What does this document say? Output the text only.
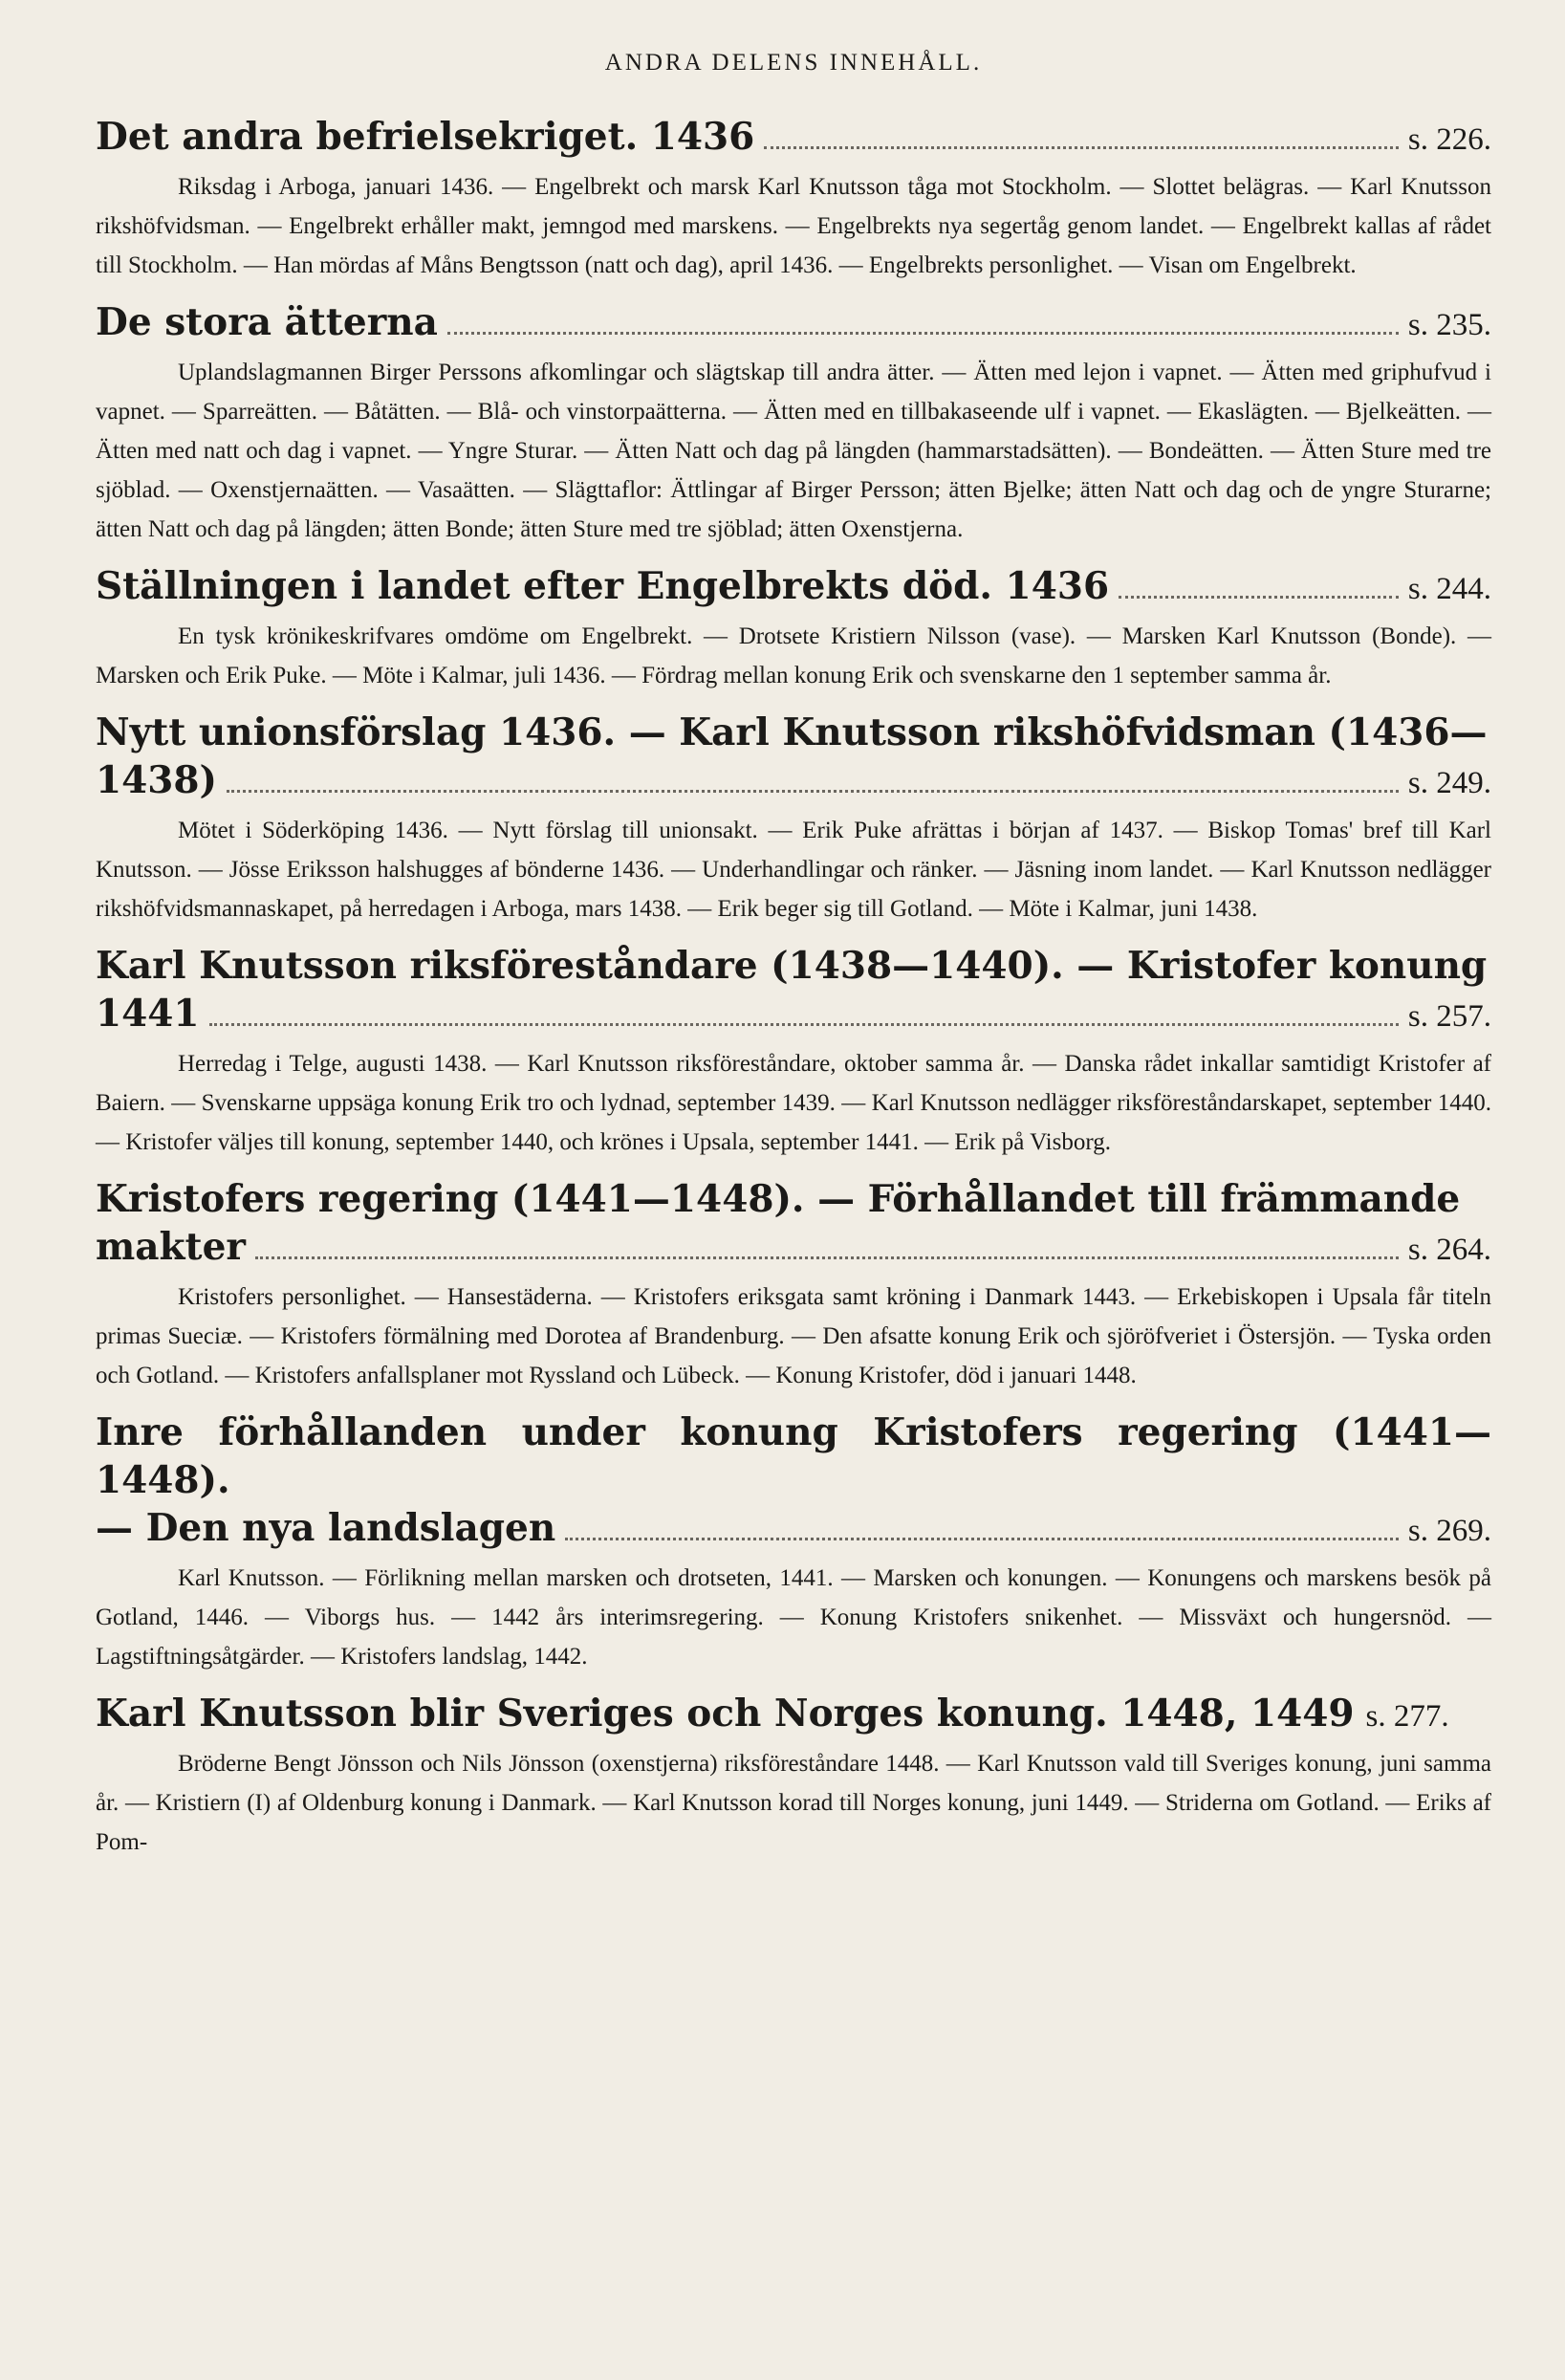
ANDRA DELENS INNEHÅLL.
Det andra befrielsekriget. 1436	s. 226.
Riksdag i Arboga, januari 1436. — Engelbrekt och marsk Karl Knutsson tåga mot Stockholm. — Slottet belägras. — Karl Knutsson rikshöfvidsman. — Engelbrekt erhåller makt, jemngod med marskens. — Engelbrekts nya segertåg genom landet. — Engelbrekt kallas af rådet till Stockholm. — Han mördas af Måns Bengtsson (natt och dag), april 1436. — Engelbrekts personlighet. — Visan om Engelbrekt.
De stora ätterna	s. 235.
Uplandslagmannen Birger Perssons afkomlingar och slägtskap till andra ätter. — Ätten med lejon i vapnet. — Ätten med griphufvud i vapnet. — Sparreätten. — Båtätten. — Blå- och vinstorpaätterna. — Ätten med en tillbakaseende ulf i vapnet. — Ekaslägten. — Bjelkeätten. — Ätten med natt och dag i vapnet. — Yngre Sturar. — Ätten Natt och dag på längden (hammarstadsätten). — Bondeätten. — Ätten Sture med tre sjöblad. — Oxenstjernaätten. — Vasaätten. — Slägttaflor: Ättlingar af Birger Persson; ätten Bjelke; ätten Natt och dag och de yngre Sturarne; ätten Natt och dag på längden; ätten Bonde; ätten Sture med tre sjöblad; ätten Oxenstjerna.
Ställningen i landet efter Engelbrekts död. 1436	s. 244.
En tysk krönikeskrifvares omdöme om Engelbrekt. — Drotsete Kristiern Nilsson (vase). — Marsken Karl Knutsson (Bonde). — Marsken och Erik Puke. — Möte i Kalmar, juli 1436. — Fördrag mellan konung Erik och svenskarne den 1 september samma år.
Nytt unionsförslag 1436. — Karl Knutsson rikshöfvidsman (1436—
1438)	s. 249.
Mötet i Söderköping 1436. — Nytt förslag till unionsakt. — Erik Puke afrättas i början af 1437. — Biskop Tomas' bref till Karl Knutsson. — Jösse Eriksson halshugges af bönderne 1436. — Underhandlingar och ränker. — Jäsning inom landet. — Karl Knutsson nedlägger rikshöfvidsmannaskapet, på herredagen i Arboga, mars 1438. — Erik beger sig till Gotland. — Möte i Kalmar, juni 1438.
Karl Knutsson riksföreståndare (1438—1440). — Kristofer konung
1441	s. 257.
Herredag i Telge, augusti 1438. — Karl Knutsson riksföreståndare, oktober samma år. — Danska rådet inkallar samtidigt Kristofer af Baiern. — Svenskarne uppsäga konung Erik tro och lydnad, september 1439. — Karl Knutsson nedlägger riksföreståndarskapet, september 1440. — Kristofer väljes till konung, september 1440, och krönes i Upsala, september 1441. — Erik på Visborg.
Kristofers regering (1441—1448). — Förhållandet till främmande
makter	s. 264.
Kristofers personlighet. — Hansestäderna. — Kristofers eriksgata samt kröning i Danmark 1443. — Erkebiskopen i Upsala får titeln primas Sueciæ. — Kristofers förmälning med Dorotea af Brandenburg. — Den afsatte konung Erik och sjöröfveriet i Östersjön. — Tyska orden och Gotland. — Kristofers anfallsplaner mot Ryssland och Lübeck. — Konung Kristofer, död i januari 1448.
Inre förhållanden under konung Kristofers regering (1441—1448).
— Den nya landslagen	s. 269.
Karl Knutsson. — Förlikning mellan marsken och drotseten, 1441. — Marsken och konungen. — Konungens och marskens besök på Gotland, 1446. — Viborgs hus. — 1442 års interimsregering. — Konung Kristofers snikenhet. — Missväxt och hungersnöd. — Lagstiftningsåtgärder. — Kristofers landslag, 1442.
Karl Knutsson blir Sveriges och Norges konung. 1448, 1449 s. 277.
Bröderne Bengt Jönsson och Nils Jönsson (oxenstjerna) riksföreståndare 1448. — Karl Knutsson vald till Sveriges konung, juni samma år. — Kristiern (I) af Oldenburg konung i Danmark. — Karl Knutsson korad till Norges konung, juni 1449. — Striderna om Gotland. — Eriks af Pom-
